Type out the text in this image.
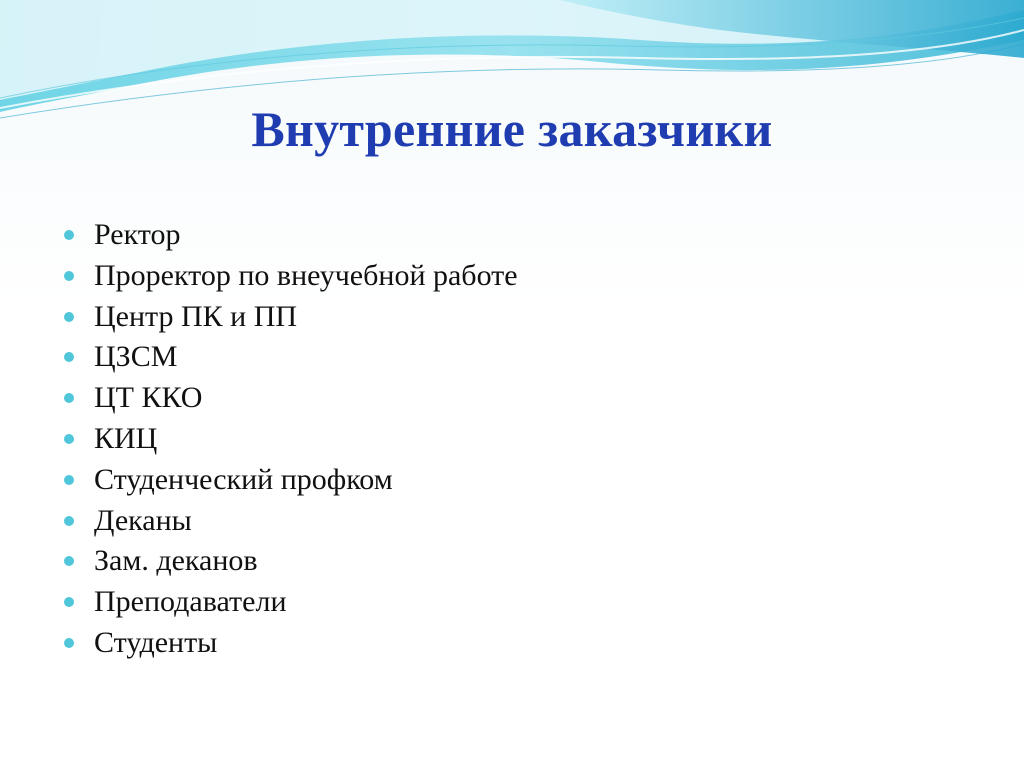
Внутренние заказчики
Ректор
Проректор по внеучебной работе
Центр ПК и ПП
ЦЗСМ
ЦТ ККО
КИЦ
Студенческий профком
Деканы
Зам. деканов
Преподаватели
Студенты
